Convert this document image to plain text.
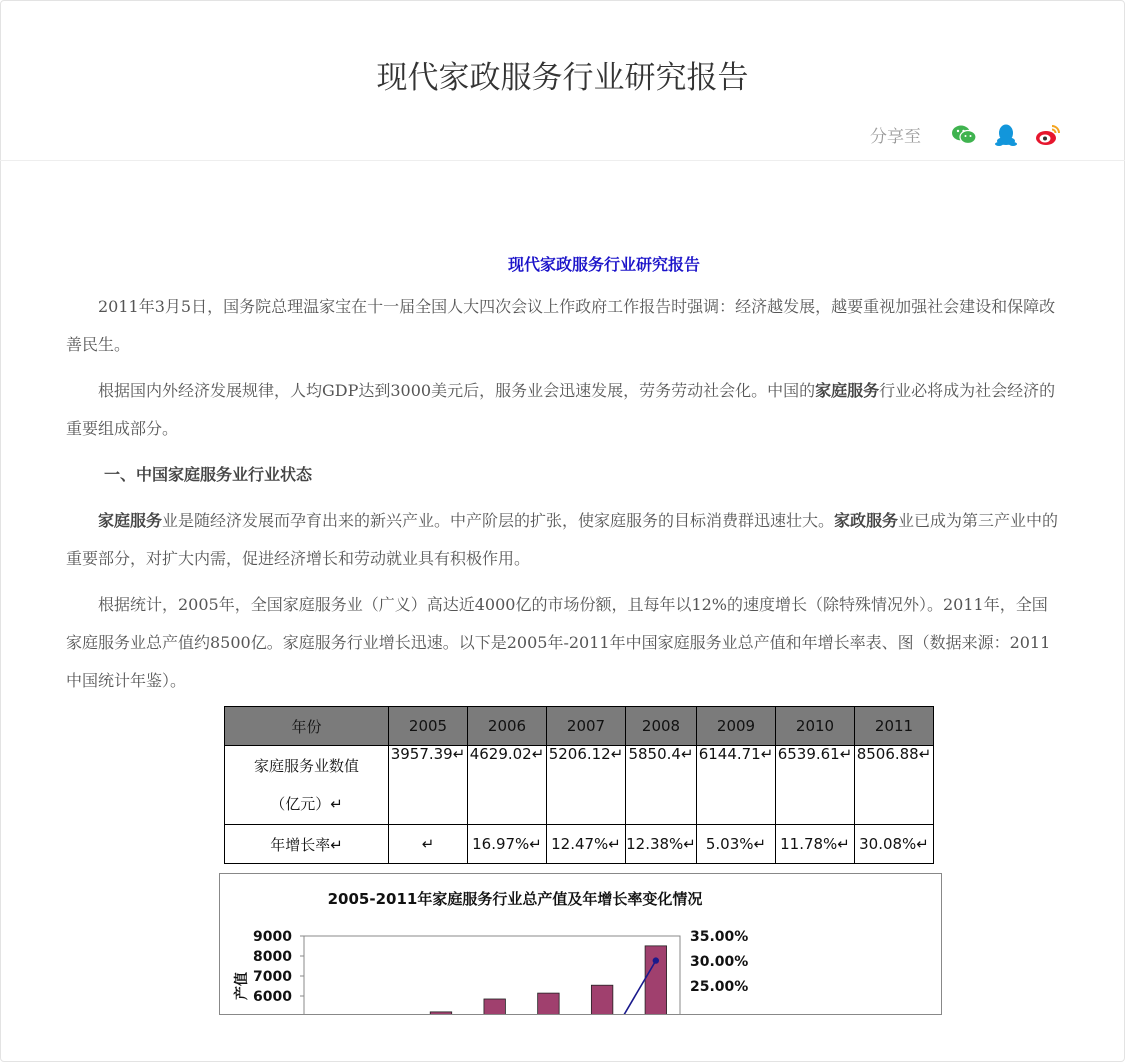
现代家政服务行业研究报告
分享至

现代家政服务行业研究报告

2011年3月5日，国务院总理温家宝在十一届全国人大四次会议上作政府工作报告时强调：经济越发展，越要重视加强社会建设和保障改善民生。

根据国内外经济发展规律，人均GDP达到3000美元后，服务业会迅速发展，劳务劳动社会化。中国的家庭服务行业必将成为社会经济的重要组成部分。

一、中国家庭服务业行业状态

家庭服务业是随经济发展而孕育出来的新兴产业。中产阶层的扩张，使家庭服务的目标消费群迅速壮大。家政服务业已成为第三产业中的重要部分，对扩大内需，促进经济增长和劳动就业具有积极作用。

根据统计，2005年，全国家庭服务业（广义）高达近4000亿的市场份额，且每年以12%的速度增长（除特殊情况外）。2011年，全国家庭服务业总产值约8500亿。家庭服务行业增长迅速。以下是2005年-2011年中国家庭服务业总产值和年增长率表、图（数据来源：2011中国统计年鉴）。

年份	2005	2006	2007	2008	2009	2010	2011

家庭服务业数值
（亿元）↵	3957.39↵	4629.02↵	5206.12↵	5850.4↵	6144.71↵	6539.61↵	8506.88↵

年增长率↵	↵	16.97%↵	12.47%↵	12.38%↵	5.03%↵	11.78%↵	30.08%↵
2005-2011年家庭服务行业总产值及年增长率变化情况
产值
9000
8000
7000
6000
35.00%
30.00%
25.00%
